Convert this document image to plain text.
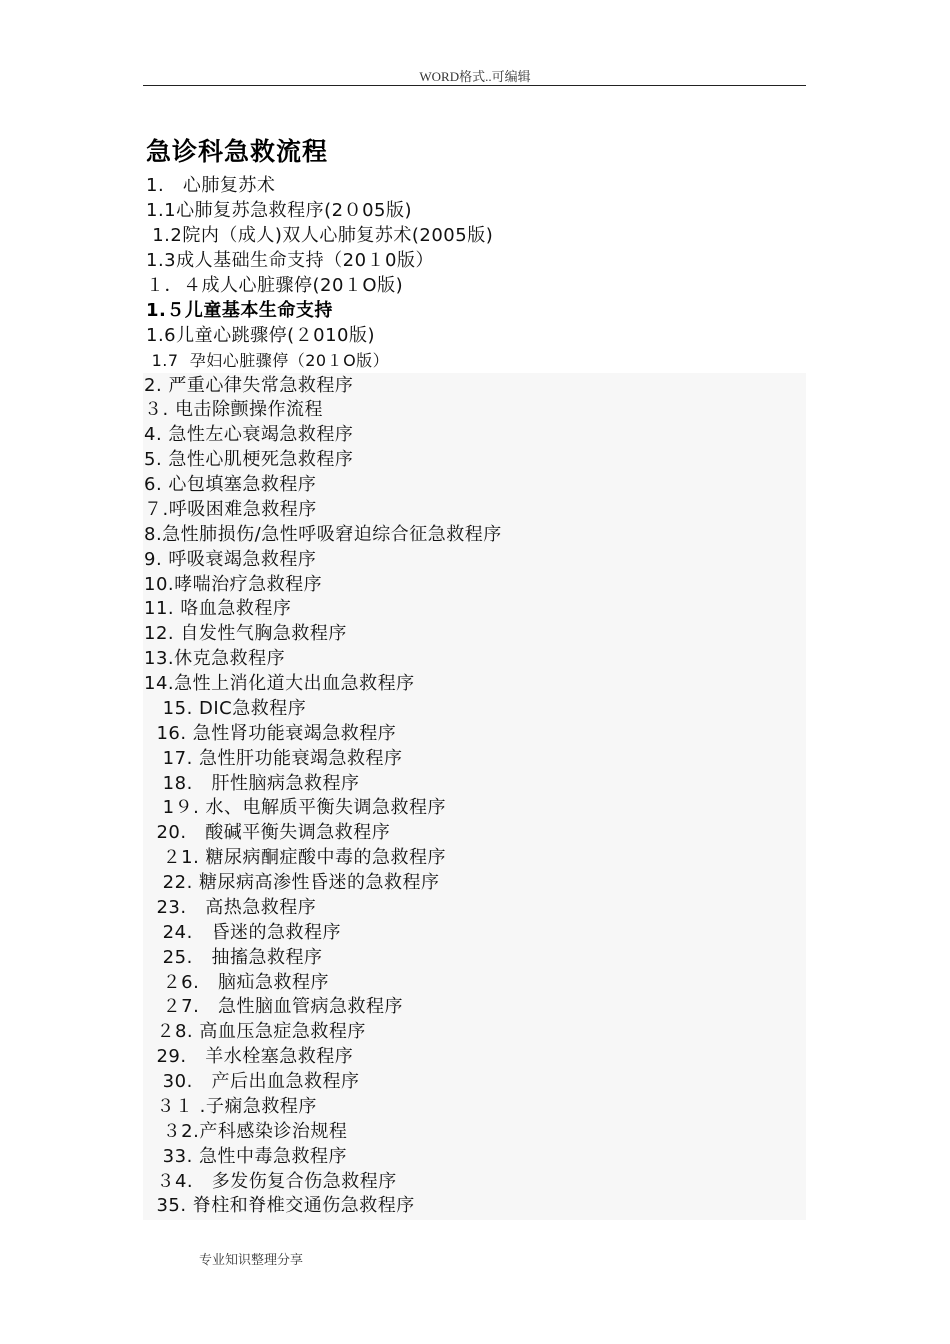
WORD格式..可编辑
急诊科急救流程
1.   心肺复苏术
1.1心肺复苏急救程序(2０05版)
1.2院内（成人)双人心肺复苏术(2005版)
1.3成人基础生命支持（20１0版）
１．４成人心脏骤停(20１O版)
1.５儿童基本生命支持
1.6儿童心跳骤停(２010版)
1.7  孕妇心脏骤停（20１O版）
2. 严重心律失常急救程序
３. 电击除颤操作流程
4. 急性左心衰竭急救程序
5. 急性心肌梗死急救程序
6. 心包填塞急救程序
７.呼吸困难急救程序
8.急性肺损伤/急性呼吸窘迫综合征急救程序
9. 呼吸衰竭急救程序
10.哮喘治疗急救程序
11. 咯血急救程序
12. 自发性气胸急救程序
13.休克急救程序
14.急性上消化道大出血急救程序
15. DIC急救程序
16. 急性肾功能衰竭急救程序
17. 急性肝功能衰竭急救程序
18.   肝性脑病急救程序
1９. 水、电解质平衡失调急救程序
20.   酸碱平衡失调急救程序
２1. 糖尿病酮症酸中毒的急救程序
22. 糖尿病高渗性昏迷的急救程序
23.   高热急救程序
24.   昏迷的急救程序
25.   抽搐急救程序
２6.   脑疝急救程序
２7.   急性脑血管病急救程序
２8. 高血压急症急救程序
29.   羊水栓塞急救程序
30.   产后出血急救程序
３１ .子痫急救程序
３2.产科感染诊治规程
33. 急性中毒急救程序
３4.   多发伤复合伤急救程序
35. 脊柱和脊椎交通伤急救程序
专业知识整理分享
